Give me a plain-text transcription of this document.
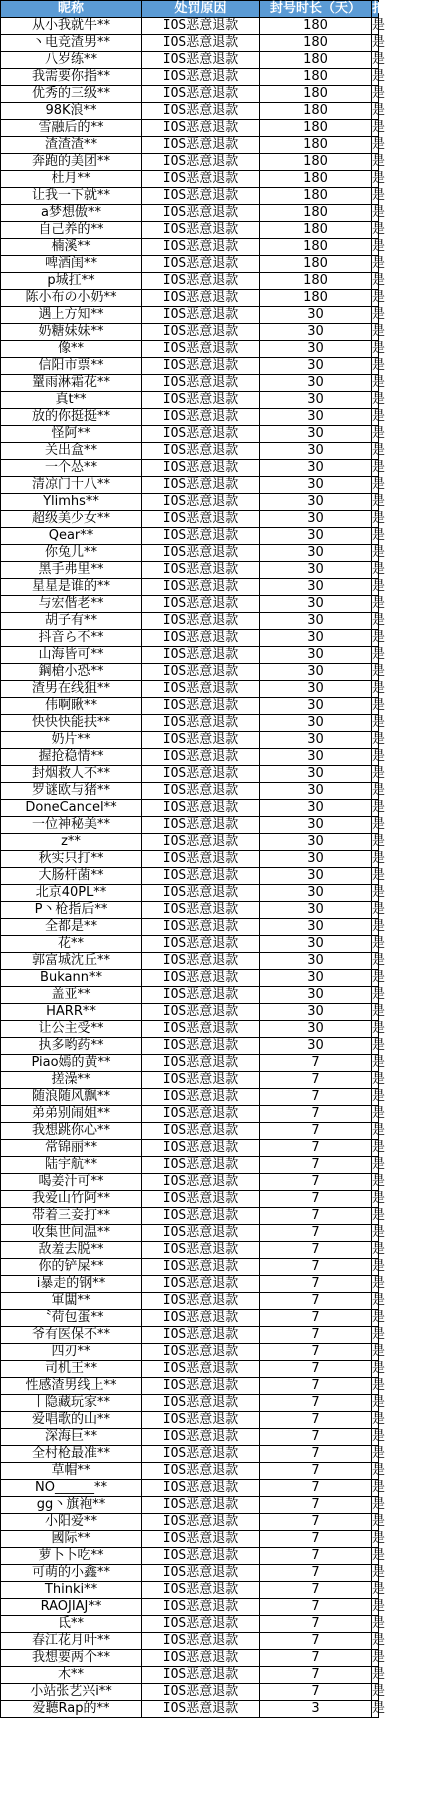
昵称	处罚原因	封号时长（天）	扣除点券
从小我就牛**	IOS恶意退款	180	是
丶电竞渣男**	IOS恶意退款	180	是
八岁练**	IOS恶意退款	180	是
我需要你指**	IOS恶意退款	180	是
优秀的三级**	IOS恶意退款	180	是
98K浪**	IOS恶意退款	180	是
雪融后的**	IOS恶意退款	180	是
渣渣渣**	IOS恶意退款	180	是
奔跑的美团**	IOS恶意退款	180	是
杜月**	IOS恶意退款	180	是
让我一下就**	IOS恶意退款	180	是
a梦想傲**	IOS恶意退款	180	是
自己养的**	IOS恶意退款	180	是
楠溪**	IOS恶意退款	180	是
啤酒闺**	IOS恶意退款	180	是
p城扛**	IOS恶意退款	180	是
陈小布の小奶**	IOS恶意退款	180	是
遇上方知**	IOS恶意退款	30	是
奶糖妹妹**	IOS恶意退款	30	是
像**	IOS恶意退款	30	是
信阳市票**	IOS恶意退款	30	是
罿雨淋霜花**	IOS恶意退款	30	是
真t**	IOS恶意退款	30	是
放的你挺挺**	IOS恶意退款	30	是
怪阿**	IOS恶意退款	30	是
关出盒**	IOS恶意退款	30	是
一个怂**	IOS恶意退款	30	是
清凉门十八**	IOS恶意退款	30	是
Ylimhs**	IOS恶意退款	30	是
超级美少女**	IOS恶意退款	30	是
Qear**	IOS恶意退款	30	是
你兔儿**	IOS恶意退款	30	是
黑手弗里**	IOS恶意退款	30	是
星星是谁的**	IOS恶意退款	30	是
与宏偕老**	IOS恶意退款	30	是
胡子有**	IOS恶意退款	30	是
抖音ら不**	IOS恶意退款	30	是
山海皆可**	IOS恶意退款	30	是
鋼槍小恐**	IOS恶意退款	30	是
渣男在线狙**	IOS恶意退款	30	是
伟啊瞅**	IOS恶意退款	30	是
快快快能扶**	IOS恶意退款	30	是
奶片**	IOS恶意退款	30	是
握抢稳情**	IOS恶意退款	30	是
封烟救人不**	IOS恶意退款	30	是
罗谜欧与猪**	IOS恶意退款	30	是
DoneCancel**	IOS恶意退款	30	是
一位神秘美**	IOS恶意退款	30	是
z**	IOS恶意退款	30	是
秋实只打**	IOS恶意退款	30	是
大肠杆菌**	IOS恶意退款	30	是
北京40PL**	IOS恶意退款	30	是
P丶枪指后**	IOS恶意退款	30	是
全都是**	IOS恶意退款	30	是
花**	IOS恶意退款	30	是
郭富城沈丘**	IOS恶意退款	30	是
Bukann**	IOS恶意退款	30	是
盖亚**	IOS恶意退款	30	是
HARR**	IOS恶意退款	30	是
让公主受**	IOS恶意退款	30	是
执多哟药**	IOS恶意退款	30	是
Piao嫣的黄**	IOS恶意退款	7	是
搓澡**	IOS恶意退款	7	是
随浪随风飘**	IOS恶意退款	7	是
弟弟别闹姐**	IOS恶意退款	7	是
我想跳你心**	IOS恶意退款	7	是
常锦丽**	IOS恶意退款	7	是
陆宇航**	IOS恶意退款	7	是
喝姜汁可**	IOS恶意退款	7	是
我爱山竹阿**	IOS恶意退款	7	是
带着三妾打**	IOS恶意退款	7	是
收集世间温**	IOS恶意退款	7	是
敌羞去脱**	IOS恶意退款	7	是
你的铲屎**	IOS恶意退款	7	是
i暴走的钢**	IOS恶意退款	7	是
軍闆**	IOS恶意退款	7	是
〝荷包蛋**	IOS恶意退款	7	是
爷有医保不**	IOS恶意退款	7	是
四刃**	IOS恶意退款	7	是
司机王**	IOS恶意退款	7	是
性感渣男线上**	IOS恶意退款	7	是
丨隐藏玩家**	IOS恶意退款	7	是
爱唱歌的山**	IOS恶意退款	7	是
深海巨**	IOS恶意退款	7	是
全村枪最准**	IOS恶意退款	7	是
草帽**	IOS恶意退款	7	是
NO______**	IOS恶意退款	7	是
gg丶旗袍**	IOS恶意退款	7	是
小阳爱**	IOS恶意退款	7	是
國际**	IOS恶意退款	7	是
萝卜卜吃**	IOS恶意退款	7	是
可萌的小鑫**	IOS恶意退款	7	是
Thinki**	IOS恶意退款	7	是
RAOJIAJ**	IOS恶意退款	7	是
氐**	IOS恶意退款	7	是
春江花月叶**	IOS恶意退款	7	是
我想要两个**	IOS恶意退款	7	是
木**	IOS恶意退款	7	是
小站张艺兴i**	IOS恶意退款	7	是
爱聽Rap的**	IOS恶意退款	3	是
